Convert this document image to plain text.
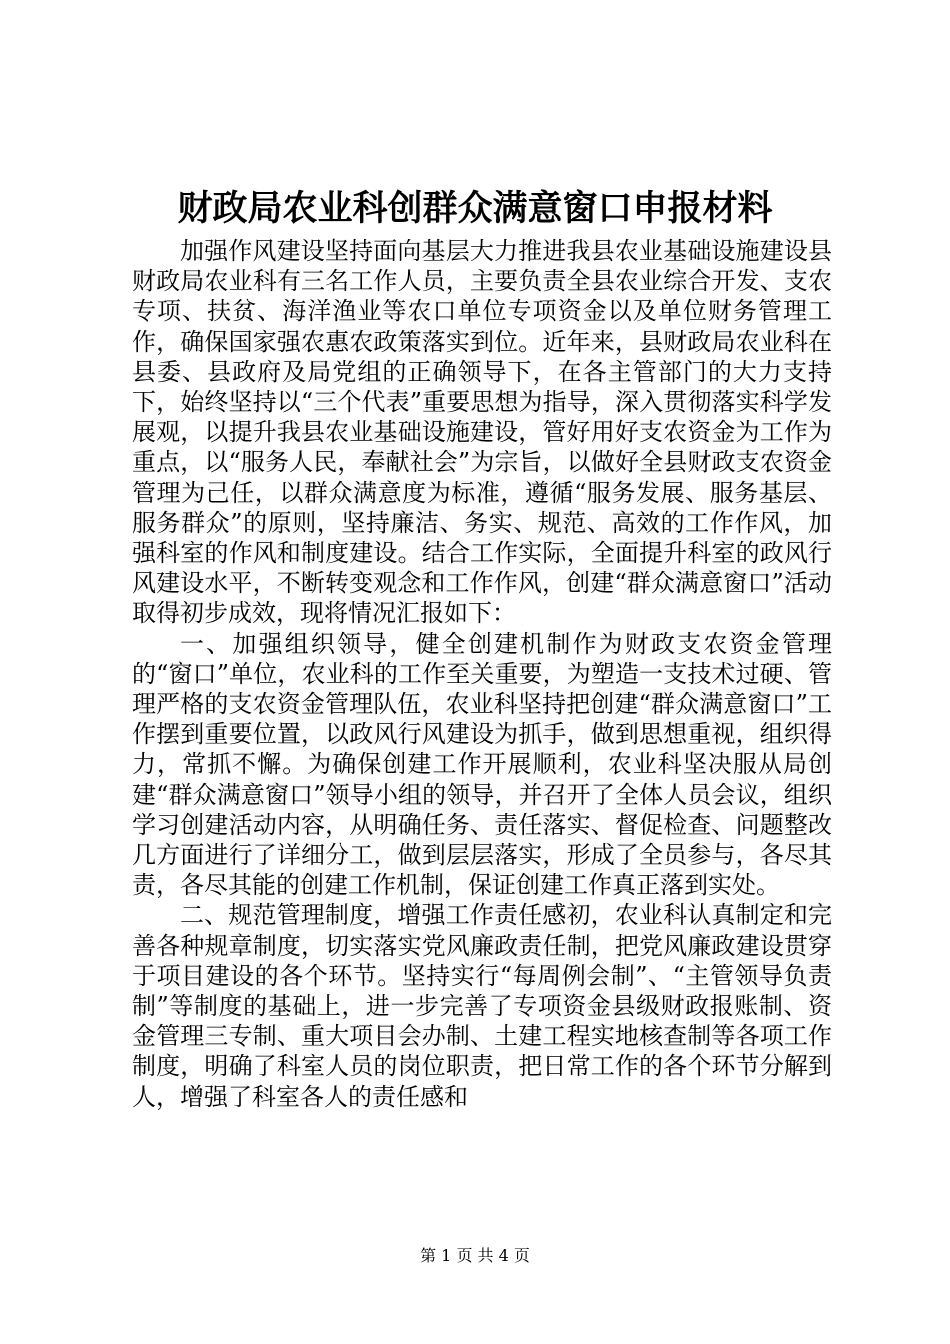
财政局农业科创群众满意窗口申报材料

加强作风建设坚持面向基层大力推进我县农业基础设施建设县财政局农业科有三名工作人员，主要负责全县农业综合开发、支农专项、扶贫、海洋渔业等农口单位专项资金以及单位财务管理工作，确保国家强农惠农政策落实到位。近年来，县财政局农业科在县委、县政府及局党组的正确领导下，在各主管部门的大力支持下，始终坚持以“三个代表”重要思想为指导，深入贯彻落实科学发展观，以提升我县农业基础设施建设，管好用好支农资金为工作为重点，以“服务人民，奉献社会”为宗旨，以做好全县财政支农资金管理为己任，以群众满意度为标准，遵循“服务发展、服务基层、服务群众”的原则，坚持廉洁、务实、规范、高效的工作作风，加强科室的作风和制度建设。结合工作实际，全面提升科室的政风行风建设水平，不断转变观念和工作作风，创建“群众满意窗口”活动取得初步成效，现将情况汇报如下：

一、加强组织领导，健全创建机制作为财政支农资金管理的“窗口”单位，农业科的工作至关重要，为塑造一支技术过硬、管理严格的支农资金管理队伍，农业科坚持把创建“群众满意窗口”工作摆到重要位置，以政风行风建设为抓手，做到思想重视，组织得力，常抓不懈。为确保创建工作开展顺利，农业科坚决服从局创建“群众满意窗口”领导小组的领导，并召开了全体人员会议，组织学习创建活动内容，从明确任务、责任落实、督促检查、问题整改几方面进行了详细分工，做到层层落实，形成了全员参与，各尽其责，各尽其能的创建工作机制，保证创建工作真正落到实处。

二、规范管理制度，增强工作责任感初，农业科认真制定和完善各种规章制度，切实落实党风廉政责任制，把党风廉政建设贯穿于项目建设的各个环节。坚持实行“每周例会制”、“主管领导负责制”等制度的基础上，进一步完善了专项资金县级财政报账制、资金管理三专制、重大项目会办制、土建工程实地核查制等各项工作制度，明确了科室人员的岗位职责，把日常工作的各个环节分解到人，增强了科室各人的责任感和

第 1 页 共 4 页
